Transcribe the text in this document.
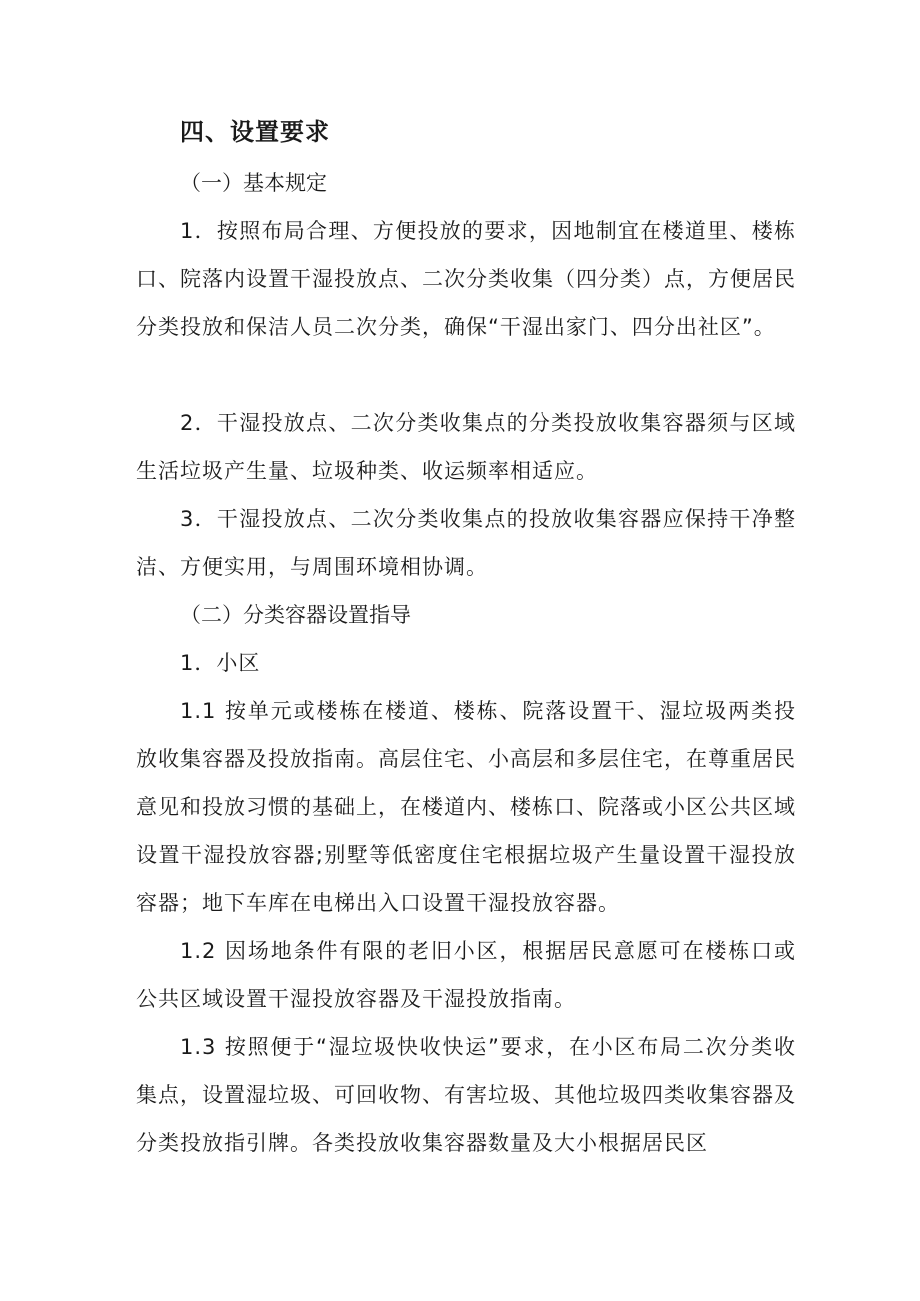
四、设置要求

（一）基本规定

1．按照布局合理、方便投放的要求，因地制宜在楼道里、楼栋口、院落内设置干湿投放点、二次分类收集（四分类）点，方便居民分类投放和保洁人员二次分类，确保“干湿出家门、四分出社区”。

2．干湿投放点、二次分类收集点的分类投放收集容器须与区域生活垃圾产生量、垃圾种类、收运频率相适应。

3．干湿投放点、二次分类收集点的投放收集容器应保持干净整洁、方便实用，与周围环境相协调。

（二）分类容器设置指导

1．小区

1.1 按单元或楼栋在楼道、楼栋、院落设置干、湿垃圾两类投放收集容器及投放指南。高层住宅、小高层和多层住宅，在尊重居民意见和投放习惯的基础上，在楼道内、楼栋口、院落或小区公共区域设置干湿投放容器;别墅等低密度住宅根据垃圾产生量设置干湿投放容器；地下车库在电梯出入口设置干湿投放容器。

1.2 因场地条件有限的老旧小区，根据居民意愿可在楼栋口或公共区域设置干湿投放容器及干湿投放指南。

1.3 按照便于“湿垃圾快收快运”要求，在小区布局二次分类收集点，设置湿垃圾、可回收物、有害垃圾、其他垃圾四类收集容器及分类投放指引牌。各类投放收集容器数量及大小根据居民区
